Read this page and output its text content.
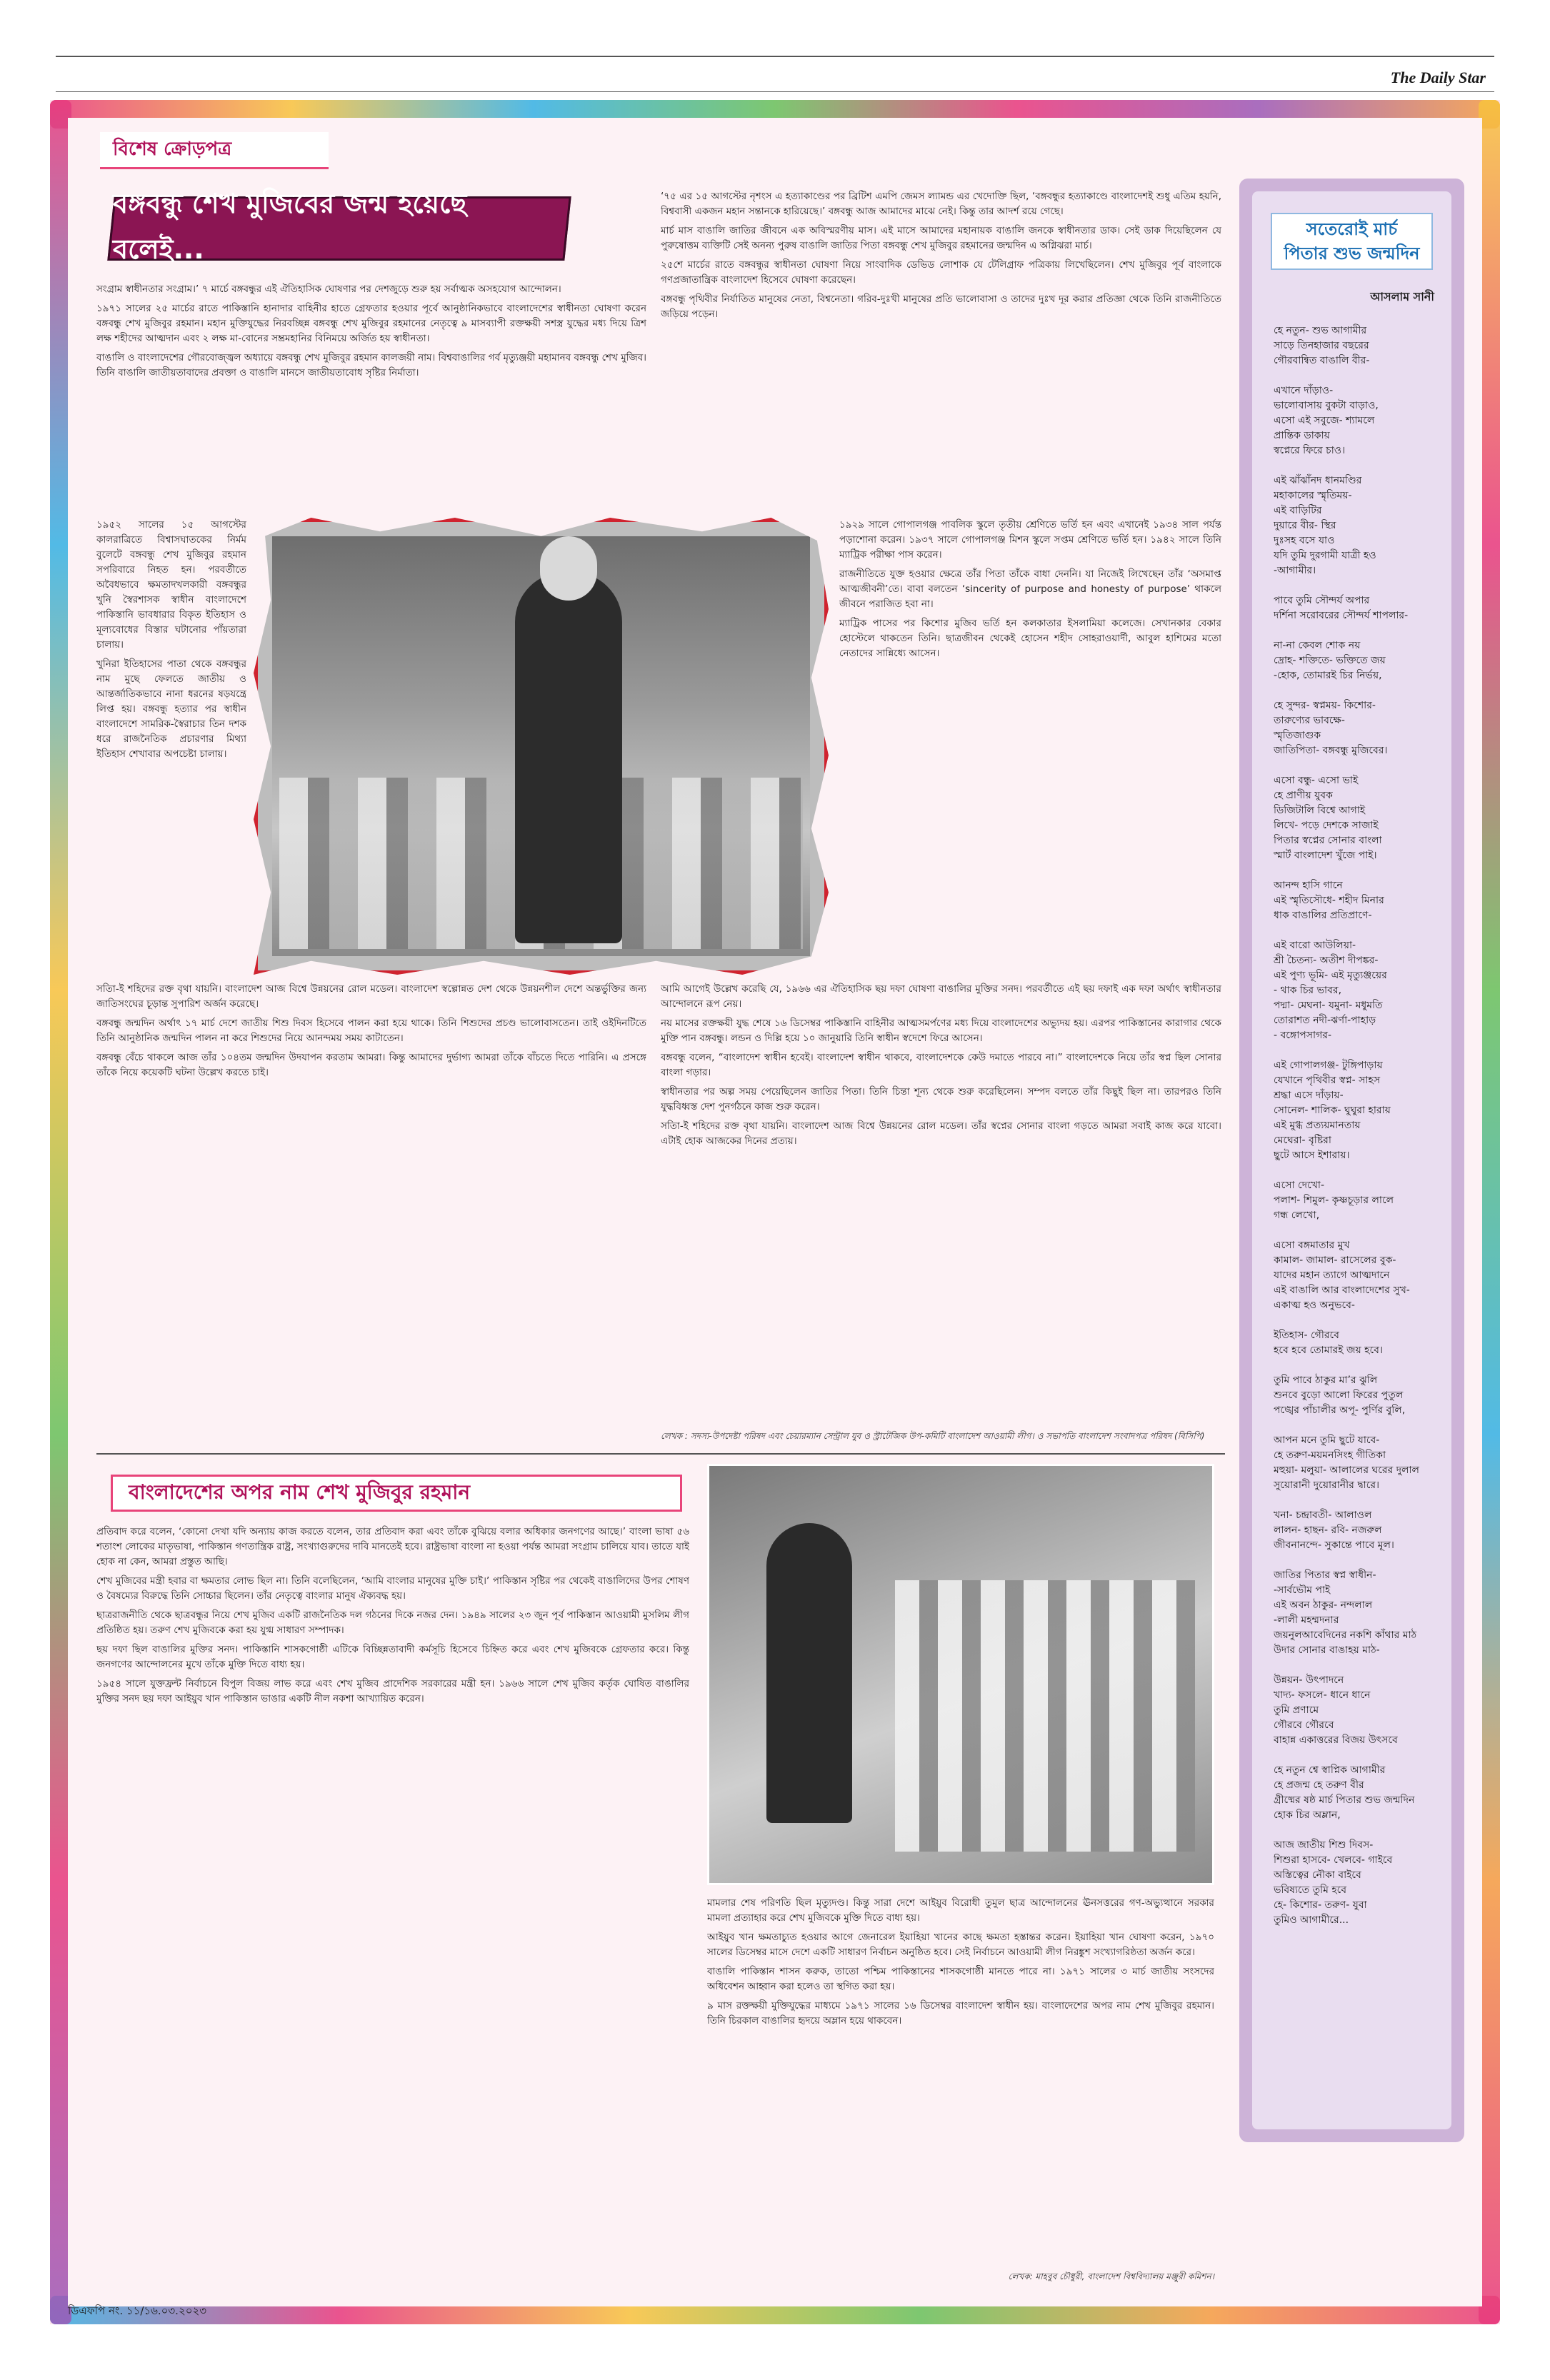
The Daily Star
বিশেষ ক্রোড়পত্র
বঙ্গবন্ধু শেখ মুজিবের জন্ম হয়েছে বলেই...

সংগ্রাম স্বাধীনতার সংগ্রাম।’ ৭ মার্চে বঙ্গবন্ধুর এই ঐতিহাসিক ঘোষণার পর দেশজুড়ে শুরু হয় সর্বাত্মক অসহযোগ আন্দোলন।

১৯৭১ সালের ২৫ মার্চের রাতে পাকিস্তানি হানাদার বাহিনীর হাতে গ্রেফতার হওয়ার পূর্বে আনুষ্ঠানিকভাবে বাংলাদেশের স্বাধীনতা ঘোষণা করেন বঙ্গবন্ধু শেখ মুজিবুর রহমান। মহান মুক্তিযুদ্ধের নিরবচ্ছিন্ন বঙ্গবন্ধু শেখ মুজিবুর রহমানের নেতৃত্বে ৯ মাসব্যাপী রক্তক্ষয়ী সশস্ত্র যুদ্ধের মধ্য দিয়ে ত্রিশ লক্ষ শহীদের আত্মদান এবং ২ লক্ষ মা-বোনের সম্ভ্রমহানির বিনিময়ে অর্জিত হয় স্বাধীনতা।

বাঙালি ও বাংলাদেশের গৌরবোজ্জ্বল অধ্যায়ে বঙ্গবন্ধু শেখ মুজিবুর রহমান কালজয়ী নাম। বিশ্ববাঙালির গর্ব মৃত্যুঞ্জয়ী মহামানব বঙ্গবন্ধু শেখ মুজিব। তিনি বাঙালি জাতীয়তাবাদের প্রবক্তা ও বাঙালি মানসে জাতীয়তাবোধ সৃষ্টির নির্মাতা।

১৯৫২ সালের ১৫ আগস্টের কালরাত্রিতে বিশ্বাসঘাতকের নির্মম বুলেটে বঙ্গবন্ধু শেখ মুজিবুর রহমান সপরিবারে নিহত হন। পরবর্তীতে অবৈধভাবে ক্ষমতাদখলকারী বঙ্গবন্ধুর খুনি স্বৈরশাসক স্বাধীন বাংলাদেশে পাকিস্তানি ভাবধারার বিকৃত ইতিহাস ও মূল্যবোধের বিস্তার ঘটানোর পাঁয়তারা চালায়।

খুনিরা ইতিহাসের পাতা থেকে বঙ্গবন্ধুর নাম মুছে ফেলতে জাতীয় ও আন্তর্জাতিকভাবে নানা ধরনের ষড়যন্ত্রে লিপ্ত হয়। বঙ্গবন্ধু হত্যার পর স্বাধীন বাংলাদেশে সামরিক-স্বৈরাচার তিন দশক ধরে রাজনৈতিক প্রচারণার মিথ্যা ইতিহাস শেখাবার অপচেষ্টা চালায়।

সতিা-ই শহিদের রক্ত বৃথা যায়নি। বাংলাদেশ আজ বিশ্বে উন্নয়নের রোল মডেল। বাংলাদেশ স্বল্পোন্নত দেশ থেকে উন্নয়নশীল দেশে অন্তর্ভুক্তির জন্য জাতিসংঘের চূড়ান্ত সুপারিশ অর্জন করেছে।

বঙ্গবন্ধু জন্মদিন অর্থাৎ ১৭ মার্চ দেশে জাতীয় শিশু দিবস হিসেবে পালন করা হয়ে থাকে। তিনি শিশুদের প্রচণ্ড ভালোবাসতেন। তাই ওইদিনটিতে তিনি আনুষ্ঠানিক জন্মদিন পালন না করে শিশুদের নিয়ে আনন্দময় সময় কাটাতেন।

বঙ্গবন্ধু বেঁচে থাকলে আজ তাঁর ১০৪তম জন্মদিন উদযাপন করতাম আমরা। কিন্তু আমাদের দুর্ভাগ্য আমরা তাঁকে বাঁচতে দিতে পারিনি। এ প্রসঙ্গে তাঁকে নিয়ে কয়েকটি ঘটনা উল্লেখ করতে চাই।

‘৭৫ এর ১৫ আগস্টের নৃশংস এ হত্যাকাণ্ডের পর ব্রিটিশ এমপি জেমস ল্যামন্ড এর খেদোক্তি ছিল, ‘বঙ্গবন্ধুর হত্যাকাণ্ডে বাংলাদেশই শুধু এতিম হয়নি, বিশ্ববাসী একজন মহান সন্তানকে হারিয়েছে।’ বঙ্গবন্ধু আজ আমাদের মাঝে নেই। কিন্তু তার আদর্শ রয়ে গেছে।

মার্চ মাস বাঙালি জাতির জীবনে এক অবিস্মরণীয় মাস। এই মাসে আমাদের মহানায়ক বাঙালি জনকে স্বাধীনতার ডাক। সেই ডাক দিয়েছিলেন যে পুরুষোত্তম ব্যক্তিটি সেই অনন্য পুরুষ বাঙালি জাতির পিতা বঙ্গবন্ধু শেখ মুজিবুর রহমানের জন্মদিন এ অগ্নিঝরা মার্চ।

২৫শে মার্চের রাতে বঙ্গবন্ধুর স্বাধীনতা ঘোষণা নিয়ে সাংবাদিক ডেভিড লোশাক যে টেলিগ্রাফ পত্রিকায় লিখেছিলেন। শেখ মুজিবুর পূর্ব বাংলাকে গণপ্রজাতান্ত্রিক বাংলাদেশ হিসেবে ঘোষণা করেছেন।

বঙ্গবন্ধু পৃথিবীর নির্যাতিত মানুষের নেতা, বিশ্বনেতা। গরিব-দুঃখী মানুষের প্রতি ভালোবাসা ও তাদের দুঃখ দূর করার প্রতিজ্ঞা থেকে তিনি রাজনীতিতে জড়িয়ে পড়েন।

১৯২৯ সালে গোপালগঞ্জ পাবলিক স্কুলে তৃতীয় শ্রেণিতে ভর্তি হন এবং এখানেই ১৯৩৪ সাল পর্যন্ত পড়াশোনা করেন। ১৯৩৭ সালে গোপালগঞ্জ মিশন স্কুলে সপ্তম শ্রেণিতে ভর্তি হন। ১৯৪২ সালে তিনি ম্যাট্রিক পরীক্ষা পাস করেন।

রাজনীতিতে যুক্ত হওয়ার ক্ষেত্রে তাঁর পিতা তাঁকে বাধা দেননি। যা নিজেই লিখেছেন তাঁর ‘অসমাপ্ত আত্মজীবনী’তে। বাবা বলতেন ‘sincerity of purpose and honesty of purpose’ থাকলে জীবনে পরাজিত হবা না।

ম্যাট্রিক পাসের পর কিশোর মুজিব ভর্তি হন কলকাতার ইসলামিয়া কলেজে। সেখানকার বেকার হোস্টেলে থাকতেন তিনি। ছাত্রজীবন থেকেই হোসেন শহীদ সোহরাওয়ার্দী, আবুল হাশিমের মতো নেতাদের সান্নিধ্যে আসেন।

আমি আগেই উল্লেখ করেছি যে, ১৯৬৬ এর ঐতিহাসিক ছয় দফা ঘোষণা বাঙালির মুক্তির সনদ। পরবর্তীতে এই ছয় দফাই এক দফা অর্থাৎ স্বাধীনতার আন্দোলনে রূপ নেয়।

নয় মাসের রক্তক্ষয়ী যুদ্ধ শেষে ১৬ ডিসেম্বর পাকিস্তানি বাহিনীর আত্মসমর্পণের মধ্য দিয়ে বাংলাদেশের অভ্যুদয় হয়। এরপর পাকিস্তানের কারাগার থেকে মুক্তি পান বঙ্গবন্ধু। লন্ডন ও দিল্লি হয়ে ১০ জানুয়ারি তিনি স্বাধীন স্বদেশে ফিরে আসেন।

বঙ্গবন্ধু বলেন, “বাংলাদেশ স্বাধীন হবেই। বাংলাদেশ স্বাধীন থাকবে, বাংলাদেশকে কেউ দমাতে পারবে না।” বাংলাদেশকে নিয়ে তাঁর স্বপ্ন ছিল সোনার বাংলা গড়ার।

স্বাধীনতার পর অল্প সময় পেয়েছিলেন জাতির পিতা। তিনি চিন্তা শূন্য থেকে শুরু করেছিলেন। সম্পদ বলতে তাঁর কিছুই ছিল না। তারপরও তিনি যুদ্ধবিধ্বস্ত দেশ পুনর্গঠনে কাজ শুরু করেন।

সতিা-ই শহিদের রক্ত বৃথা যায়নি। বাংলাদেশ আজ বিশ্বে উন্নয়নের রোল মডেল। তাঁর স্বপ্নের সোনার বাংলা গড়তে আমরা সবাই কাজ করে যাবো। এটাই হোক আজকের দিনের প্রত্যয়।

লেখক : সদস্য-উপদেষ্টা পরিষদ এবং চেয়ারম্যান সেন্ট্রাল যুব ও স্ট্রাটেজিক উপ-কমিটি বাংলাদেশ আওয়ামী লীগ। ও সভাপতি বাংলাদেশ সংবাদপত্র পরিষদ (বিসিপি)
সতেরোই মার্চ
পিতার শুভ জন্মদিন
আসলাম সানী
হে নতুন- শুভ আগামীর
সাড়ে তিনহাজার বছরের
গৌরবান্বিত বাঙালি বীর-

এখানে দাঁড়াও-
ভালোবাসায় বুকটা বাড়াও,
এসো এই সবুজে- শ্যামলে
প্রান্তিক ডাকায়
স্বপ্নেরে ফিরে চাও।

এই ঝাঁঝাঁনদ ধানমণ্ডির
মহাকালের স্মৃতিময়-
এই বাড়িটির
দুয়ারে বীর- স্থির
দুঃসহ বসে যাও
যদি তুমি দুরগামী যাত্রী হও
-আগামীর।

পাবে তুমি সৌন্দর্য অপার
দর্শিনা সরোবরের সৌন্দর্য শাপলার-

না-না কেবল শোক নয়
দ্রোহ- শক্তিতে- ভক্তিতে জয়
-হোক, তোমারই চির নির্ভয়,

হে সুন্দর- স্বপ্নময়- কিশোর-
তারুণ্যের ভাবক্ষে-
স্মৃতিজাগুক
জাতিপিতা- বঙ্গবন্ধু মুজিবের।

এসো বন্ধু- এসো ভাই
হে প্রাণীয় যুবক
ডিজিটালি বিশ্বে আগাই
লিখে- পড়ে দেশকে সাজাই
পিতার স্বপ্নের সোনার বাংলা
স্মার্ট বাংলাদেশ খুঁজে পাই।

আনন্দ হাসি গানে
এই স্মৃতিসৌধে- শহীদ মিনার
ধাক বাঙালির প্রতিপ্রাণে-

এই বারো আউলিয়া-
শ্রী চৈতন্য- অতীশ দীপঙ্কর-
এই পুণ্য ভূমি- এই মৃত্যুঞ্জয়ের
- থাক চির ভাবর,
পদ্মা- মেঘনা- যমুনা- মধুমতি
তোরাশত নদী-ঝর্ণা-পাহাড়
- বঙ্গোপসাগর-

এই গোপালগঞ্জ- টুঙ্গিপাড়ায়
যেখানে পৃথিবীর স্বপ্ন- সাহস
শ্রদ্ধা এসে দাঁড়ায়-
সোনেল- শালিক- ঘুঘুরা হারায়
এই মুগ্ধ প্রত্যয়মানতায়
মেঘেরা- বৃষ্টিরা
ছুটে আসে ইশারায়।

এসো দেখো-
পলাশ- শিমুল- কৃষ্ণচূড়ার লালে
গন্ধ লেখো,

এসো বঙ্গমাতার মুখ
কামাল- জামাল- রাসেলের বুক-
যাদের মহান ত্যাগে আত্মদানে
এই বাঙালি আর বাংলাদেশের সুখ-
একাত্ম হও অনুভবে-

ইতিহাস- গৌরবে
হবে হবে তোমারই জয় হবে।

তুমি পাবে ঠাকুর মা’র ঝুলি
শুনবে বুড়ো আলো ফিরের পুতুল
পঙ্খের পাঁচালীর অপূ- পুর্ণির বুলি,

আপন মনে তুমি ছুটে যাবে-
হে তরুণ-ময়মনসিংহ গীতিকা
মহুয়া- মলুয়া- আলালের ঘরের দুলাল
সুয়োরানী দুয়োরানীর দ্বারে।

খনা- চন্দ্রাবতী- আলাওল
লালন- হাছন- রবি- নজরুল
জীবনানন্দে- সুকান্তে পাবে মূল।

জাতির পিতার স্বপ্ন স্বাধীন-
-সার্বভৌম পাই
এই অবন ঠাকুর- নন্দলাল
-লালী মহম্মদনার
জয়নুলআবেদিনের নকশি কাঁথার মাঠ
উদার সোনার বাঙাহয় মাঠ-

উন্নয়ন- উৎপাদনে
খাদ্য- ফসলে- ধানে ধানে
তুমি প্রণামে
গৌরবে গৌরবে
বাহান্ন একাত্তরের বিজয় উৎসবে

হে নতুন শ্বে স্বাপ্নিক আগামীর
হে প্রজন্ম হে তরুণ বীর
গ্রীষ্মের ষষ্ঠ মার্চ পিতার শুভ জন্মদিন
হোক চির অম্লান,

আজ জাতীয় শিশু দিবস-
শিশুরা হাসবে- খেলবে- গাইবে
অস্তিত্বের নৌকা বাইবে
ভবিষ্যতে তুমি হবে
হে- কিশোর- তরুণ- যুবা
তুমিও আগামীরে...
বাংলাদেশের অপর নাম শেখ মুজিবুর রহমান

প্রতিবাদ করে বলেন, ‘কোনো দেখা যদি অন্যায় কাজ করতে বলেন, তার প্রতিবাদ করা এবং তাঁকে বুঝিয়ে বলার অধিকার জনগণের আছে।’ বাংলা ভাষা ৫৬ শতাংশ লোকের মাতৃভাষা, পাকিস্তান গণতান্ত্রিক রাষ্ট্র, সংখ্যাগুরুদের দাবি মানতেই হবে। রাষ্ট্রভাষা বাংলা না হওয়া পর্যন্ত আমরা সংগ্রাম চালিয়ে যাব। তাতে যাই হোক না কেন, আমরা প্রস্তুত আছি।

শেখ মুজিবের মন্ত্রী হবার বা ক্ষমতার লোভ ছিল না। তিনি বলেছিলেন, ‘আমি বাংলার মানুষের মুক্তি চাই।’ পাকিস্তান সৃষ্টির পর থেকেই বাঙালিদের উপর শোষণ ও বৈষম্যের বিরুদ্ধে তিনি সোচ্চার ছিলেন। তাঁর নেতৃত্বে বাংলার মানুষ ঐক্যবদ্ধ হয়।

ছাত্ররাজনীতি থেকে ছাত্রবন্ধুর নিয়ে শেখ মুজিব একটি রাজনৈতিক দল গঠনের দিকে নজর দেন। ১৯৪৯ সালের ২৩ জুন পূর্ব পাকিস্তান আওয়ামী মুসলিম লীগ প্রতিষ্ঠিত হয়। তরুণ শেখ মুজিবকে করা হয় যুগ্ম সাধারণ সম্পাদক।

ছয় দফা ছিল বাঙালির মুক্তির সনদ। পাকিস্তানি শাসকগোষ্ঠী এটিকে বিচ্ছিন্নতাবাদী কর্মসূচি হিসেবে চিহ্নিত করে এবং শেখ মুজিবকে গ্রেফতার করে। কিন্তু জনগণের আন্দোলনের মুখে তাঁকে মুক্তি দিতে বাধ্য হয়।

১৯৫৪ সালে যুক্তফ্রন্ট নির্বাচনে বিপুল বিজয় লাভ করে এবং শেখ মুজিব প্রাদেশিক সরকারের মন্ত্রী হন। ১৯৬৬ সালে শেখ মুজিব কর্তৃক ঘোষিত বাঙালির মুক্তির সনদ ছয় দফা আইয়ুব খান পাকিস্তান ভাঙার একটি নীল নকশা আখ্যায়িত করেন।

মামলার শেষ পরিণতি ছিল মৃত্যুদণ্ড। কিন্তু সারা দেশে আইয়ুব বিরোধী তুমুল ছাত্র আন্দোলনের ঊনসত্তরের গণ-অভ্যুত্থানে সরকার মামলা প্রত্যাহার করে শেখ মুজিবকে মুক্তি দিতে বাধ্য হয়।

আইয়ুব খান ক্ষমতাচ্যুত হওয়ার আগে জেনারেল ইয়াহিয়া খানের কাছে ক্ষমতা হস্তান্তর করেন। ইয়াহিয়া খান ঘোষণা করেন, ১৯৭০ সালের ডিসেম্বর মাসে দেশে একটি সাধারণ নির্বাচন অনুষ্ঠিত হবে। সেই নির্বাচনে আওয়ামী লীগ নিরঙ্কুশ সংখ্যাগরিষ্ঠতা অর্জন করে।

বাঙালি পাকিস্তান শাসন করুক, তাতো পশ্চিম পাকিস্তানের শাসকগোষ্ঠী মানতে পারে না। ১৯৭১ সালের ৩ মার্চ জাতীয় সংসদের অধিবেশন আহ্বান করা হলেও তা স্থগিত করা হয়।

৯ মাস রক্তক্ষয়ী মুক্তিযুদ্ধের মাধ্যমে ১৯৭১ সালের ১৬ ডিসেম্বর বাংলাদেশ স্বাধীন হয়। বাংলাদেশের অপর নাম শেখ মুজিবুর রহমান। তিনি চিরকাল বাঙালির হৃদয়ে অম্লান হয়ে থাকবেন।

লেখক: মাহবুব চৌধুরী, বাংলাদেশ বিশ্ববিদ্যালয় মঞ্জুরী কমিশন।
ডিএফপি নং. ১১/১৬.০৩.২০২৩
